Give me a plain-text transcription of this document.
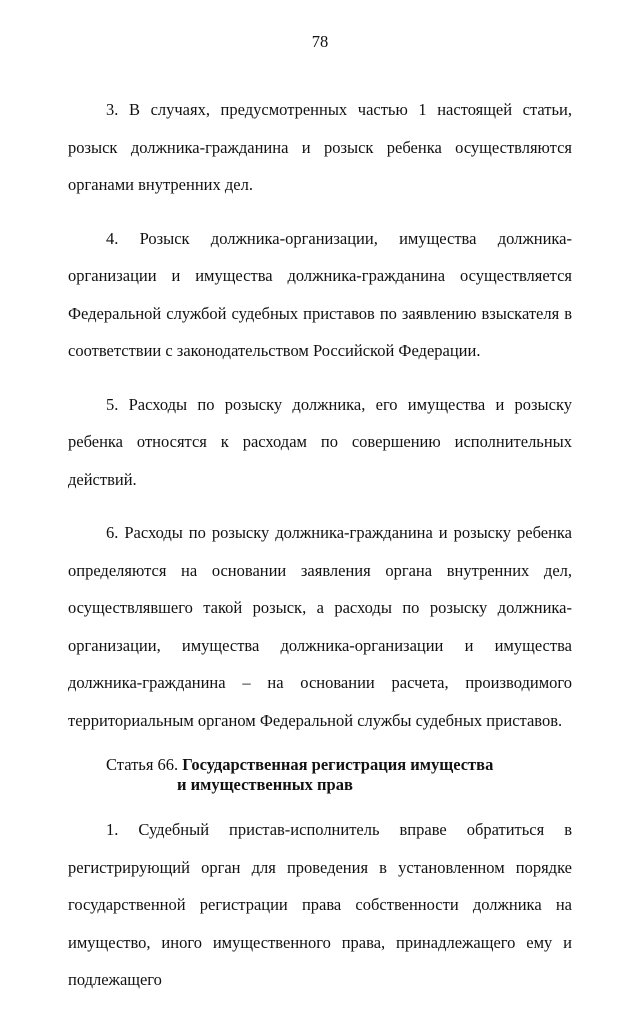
78

3. В случаях, предусмотренных частью 1 настоящей статьи, розыск должника-гражданина и розыск ребенка осуществляются органами внутренних дел.

4. Розыск должника-организации, имущества должника-организации и имущества должника-гражданина осуществляется Федеральной службой судебных приставов по заявлению взыскателя в соответствии с законодательством Российской Федерации.

5. Расходы по розыску должника, его имущества и розыску ребенка относятся к расходам по совершению исполнительных действий.

6. Расходы по розыску должника-гражданина и розыску ребенка определяются на основании заявления органа внутренних дел, осуществлявшего такой розыск, а расходы по розыску должника-организации, имущества должника-организации и имущества должника-гражданина – на основании расчета, производимого территориальным органом Федеральной службы судебных приставов.

Статья 66. Государственная регистрация имущества
и имущественных прав

1. Судебный пристав-исполнитель вправе обратиться в регистрирующий орган для проведения в установленном порядке государственной регистрации права собственности должника на имущество, иного имущественного права, принадлежащего ему и подлежащего
